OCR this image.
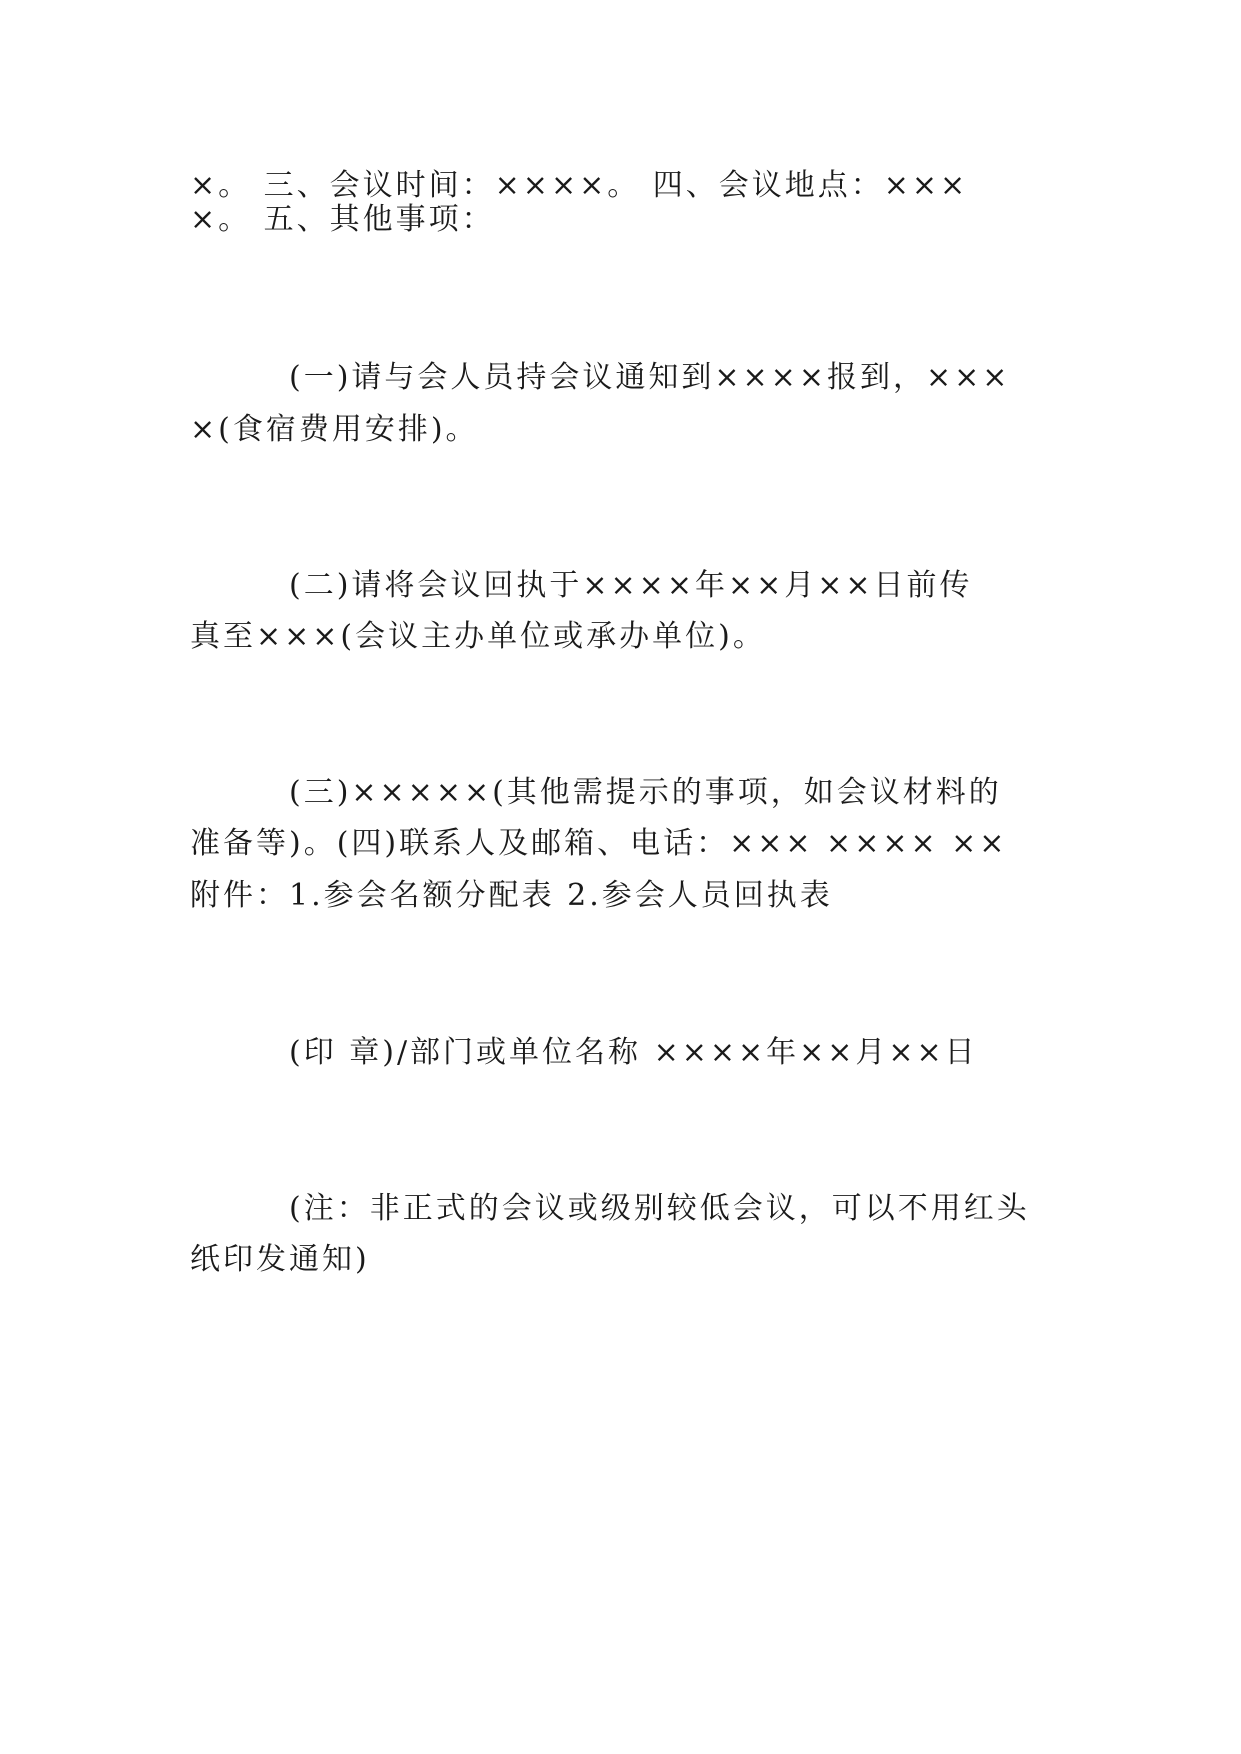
×。 三、会议时间：××××。 四、会议地点：×××
×。 五、其他事项：
　　　(一)请与会人员持会议通知到××××报到，×××
×(食宿费用安排)。
　　　(二)请将会议回执于××××年××月××日前传
真至×××(会议主办单位或承办单位)。
　　　(三)×××××(其他需提示的事项，如会议材料的
准备等)。(四)联系人及邮箱、电话：××× ×××× ××
附件：1.参会名额分配表 2.参会人员回执表
　　　(印 章)/部门或单位名称 ××××年××月××日
　　　(注：非正式的会议或级别较低会议，可以不用红头
纸印发通知)
